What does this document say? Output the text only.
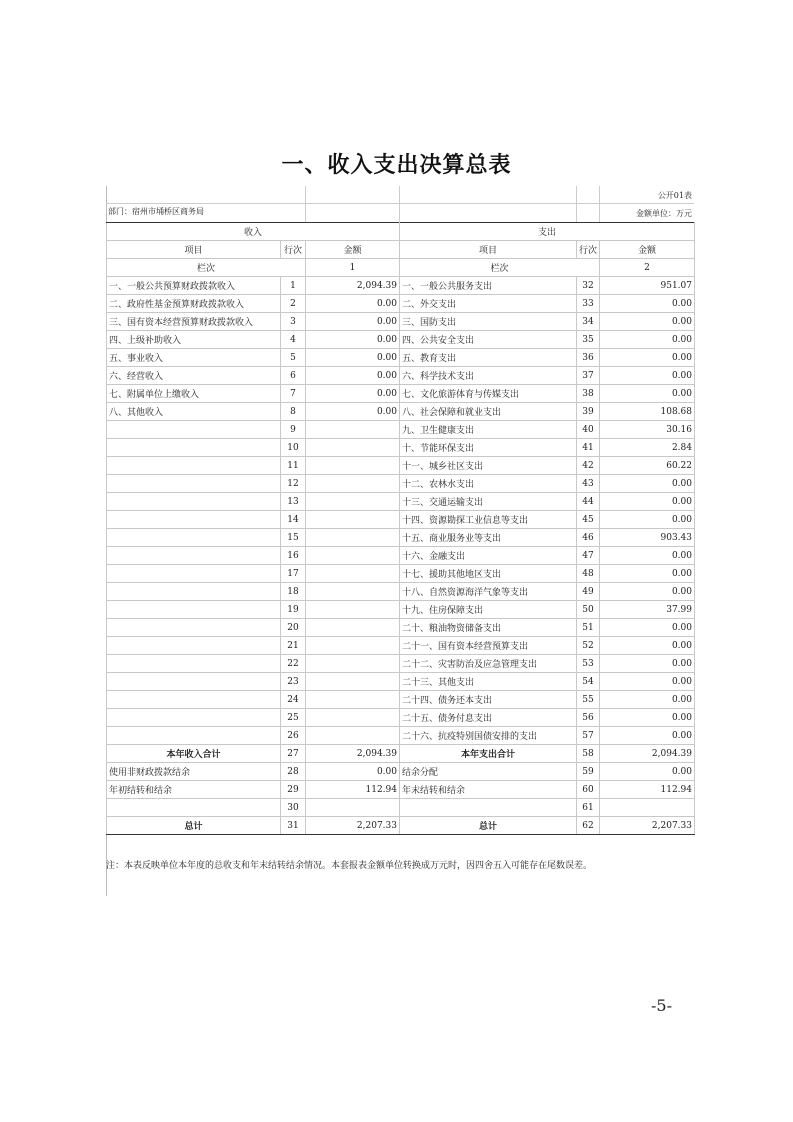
一、收入支出决算总表
公开01表
部门：宿州市埇桥区商务局	金额单位：万元
收入			支出		
项目	行次	金额	项目	行次	金额
栏次		1	栏次		2
一、一般公共预算财政拨款收入	1	2,094.39	一、一般公共服务支出	32	951.07
二、政府性基金预算财政拨款收入	2	0.00	二、外交支出	33	0.00
三、国有资本经营预算财政拨款收入	3	0.00	三、国防支出	34	0.00
四、上级补助收入	4	0.00	四、公共安全支出	35	0.00
五、事业收入	5	0.00	五、教育支出	36	0.00
六、经营收入	6	0.00	六、科学技术支出	37	0.00
七、附属单位上缴收入	7	0.00	七、文化旅游体育与传媒支出	38	0.00
八、其他收入	8	0.00	八、社会保障和就业支出	39	108.68
	9		九、卫生健康支出	40	30.16
	10		十、节能环保支出	41	2.84
	11		十一、城乡社区支出	42	60.22
	12		十二、农林水支出	43	0.00
	13		十三、交通运输支出	44	0.00
	14		十四、资源勘探工业信息等支出	45	0.00
	15		十五、商业服务业等支出	46	903.43
	16		十六、金融支出	47	0.00
	17		十七、援助其他地区支出	48	0.00
	18		十八、自然资源海洋气象等支出	49	0.00
	19		十九、住房保障支出	50	37.99
	20		二十、粮油物资储备支出	51	0.00
	21		二十一、国有资本经营预算支出	52	0.00
	22		二十二、灾害防治及应急管理支出	53	0.00
	23		二十三、其他支出	54	0.00
	24		二十四、债务还本支出	55	0.00
	25		二十五、债务付息支出	56	0.00
	26		二十六、抗疫特别国债安排的支出	57	0.00
本年收入合计	27	2,094.39	本年支出合计	58	2,094.39
使用非财政拨款结余	28	0.00	结余分配	59	0.00
年初结转和结余	29	112.94	年末结转和结余	60	112.94
	30			61	
总计	31	2,207.33	总计	62	2,207.33
注：本表反映单位本年度的总收支和年末结转结余情况。本套报表金额单位转换成万元时，因四舍五入可能存在尾数误差。
-5-
